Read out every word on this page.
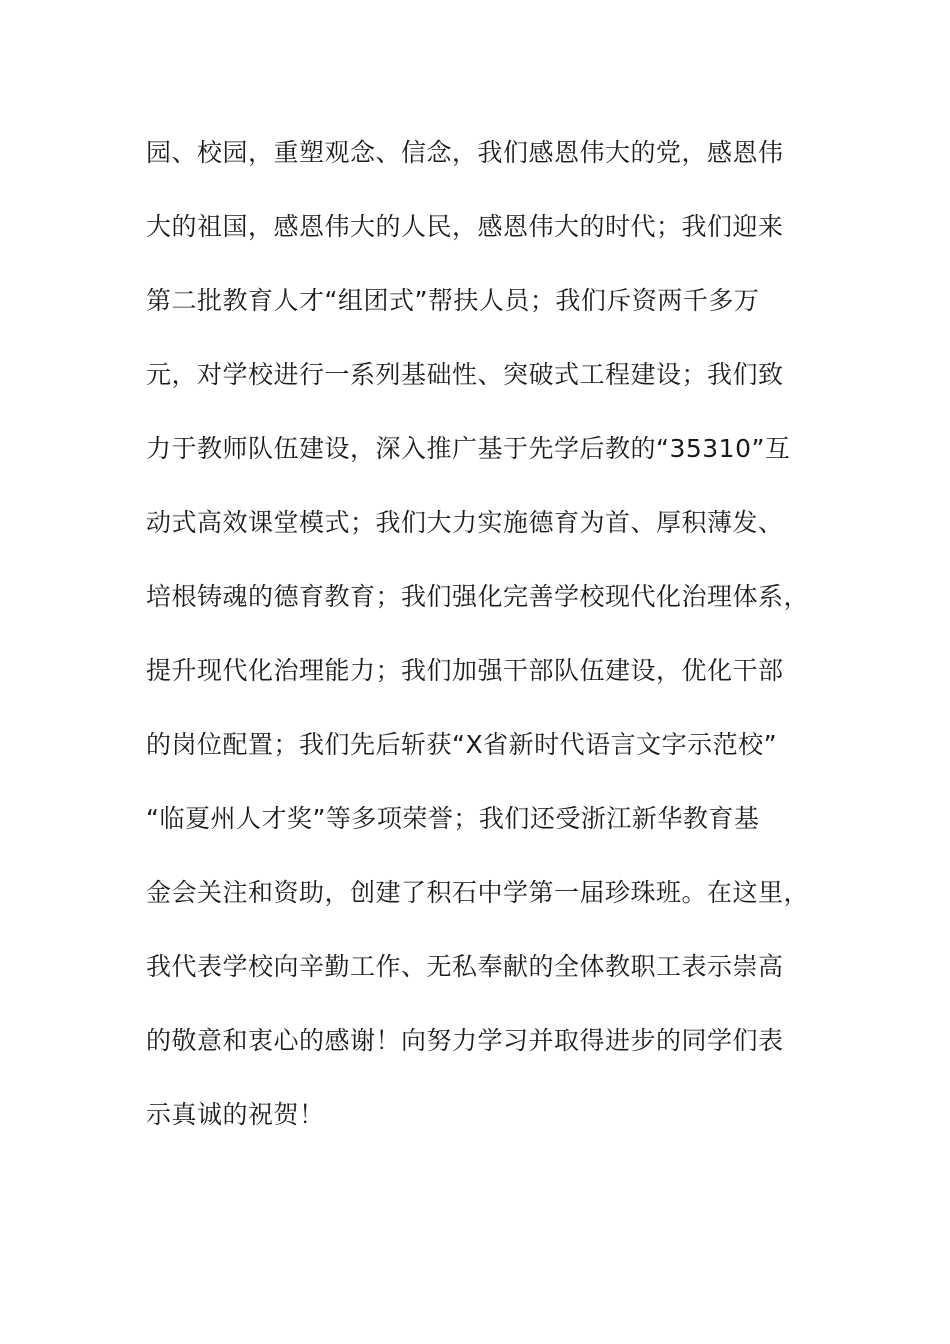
园、校园，重塑观念、信念，我们感恩伟大的党，感恩伟
大的祖国，感恩伟大的人民，感恩伟大的时代；我们迎来
第二批教育人才“组团式”帮扶人员；我们斥资两千多万
元，对学校进行一系列基础性、突破式工程建设；我们致
力于教师队伍建设，深入推广基于先学后教的“35310”互
动式高效课堂模式；我们大力实施德育为首、厚积薄发、
培根铸魂的德育教育；我们强化完善学校现代化治理体系，
提升现代化治理能力；我们加强干部队伍建设，优化干部
的岗位配置；我们先后斩获“X省新时代语言文字示范校”
“临夏州人才奖”等多项荣誉；我们还受浙江新华教育基
金会关注和资助，创建了积石中学第一届珍珠班。在这里，
我代表学校向辛勤工作、无私奉献的全体教职工表示崇高
的敬意和衷心的感谢！向努力学习并取得进步的同学们表
示真诚的祝贺！
